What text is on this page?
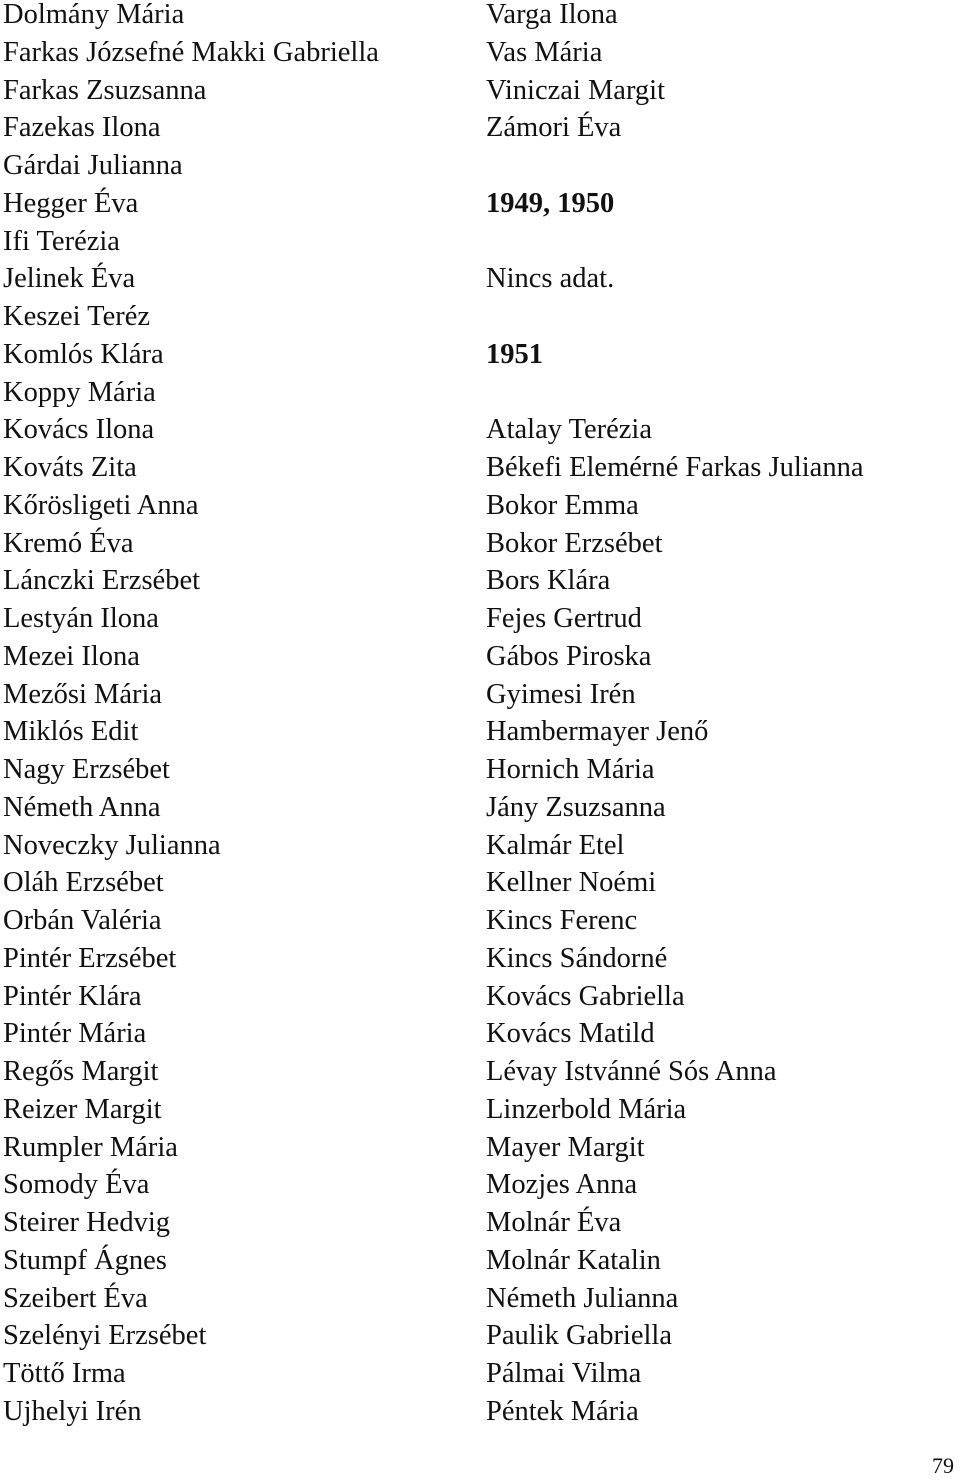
Dolmány Mária
Farkas Józsefné Makki Gabriella
Farkas Zsuzsanna
Fazekas Ilona
Gárdai Julianna
Hegger Éva
Ifi Terézia
Jelinek Éva
Keszei Teréz
Komlós Klára
Koppy Mária
Kovács Ilona
Kováts Zita
Kőrösligeti Anna
Kremó Éva
Lánczki Erzsébet
Lestyán Ilona
Mezei Ilona
Mezősi Mária
Miklós Edit
Nagy Erzsébet
Németh Anna
Noveczky Julianna
Oláh Erzsébet
Orbán Valéria
Pintér Erzsébet
Pintér Klára
Pintér Mária
Regős Margit
Reizer Margit
Rumpler Mária
Somody Éva
Steirer Hedvig
Stumpf Ágnes
Szeibert Éva
Szelényi Erzsébet
Töttő Irma
Ujhelyi Irén
Varga Ilona
Vas Mária
Viniczai Margit
Zámori Éva
1949, 1950
Nincs adat.
1951
Atalay Terézia
Békefi Elemérné Farkas Julianna
Bokor Emma
Bokor Erzsébet
Bors Klára
Fejes Gertrud
Gábos Piroska
Gyimesi Irén
Hambermayer Jenő
Hornich Mária
Jány Zsuzsanna
Kalmár Etel
Kellner Noémi
Kincs Ferenc
Kincs Sándorné
Kovács Gabriella
Kovács Matild
Lévay Istvánné Sós Anna
Linzerbold Mária
Mayer Margit
Mozjes Anna
Molnár Éva
Molnár Katalin
Németh Julianna
Paulik Gabriella
Pálmai Vilma
Péntek Mária
79
